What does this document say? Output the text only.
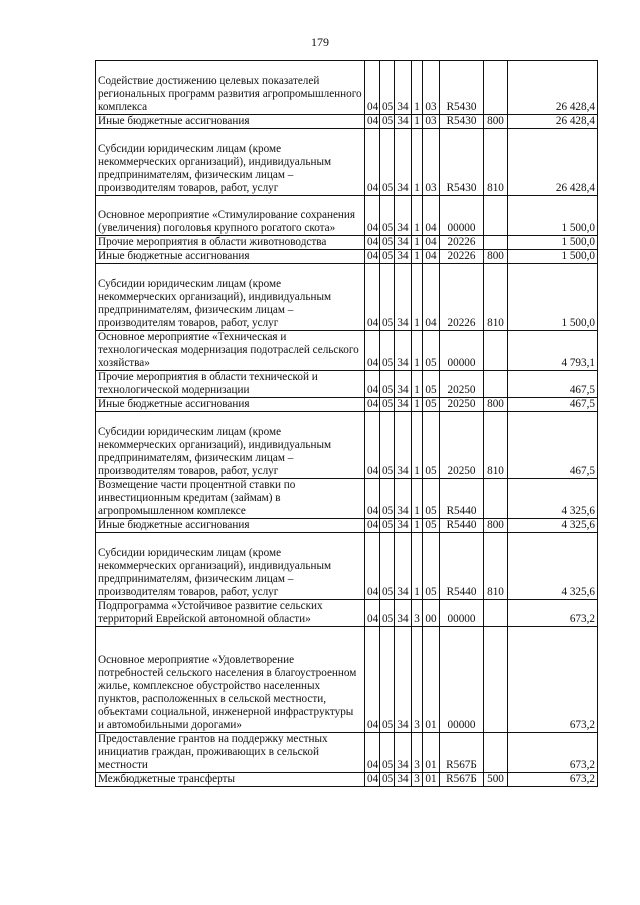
179
Содействие достижению целевых показателей региональных программ развития агропромышленного комплекса	04	05	34	1	03	R5430		26 428,4
Иные бюджетные ассигнования	04	05	34	1	03	R5430	800	26 428,4
Субсидии юридическим лицам (кроме некоммерческих организаций), индивидуальным предпринимателям, физическим лицам – производителям товаров, работ, услуг	04	05	34	1	03	R5430	810	26 428,4
Основное мероприятие «Стимулирование сохранения (увеличения) поголовья крупного рогатого скота»	04	05	34	1	04	00000		1 500,0
Прочие мероприятия в области животноводства	04	05	34	1	04	20226		1 500,0
Иные бюджетные ассигнования	04	05	34	1	04	20226	800	1 500,0
Субсидии юридическим лицам (кроме некоммерческих организаций), индивидуальным предпринимателям, физическим лицам – производителям товаров, работ, услуг	04	05	34	1	04	20226	810	1 500,0
Основное мероприятие «Техническая и технологическая модернизация подотраслей сельского хозяйства»	04	05	34	1	05	00000		4 793,1
Прочие мероприятия в области технической и технологической модернизации	04	05	34	1	05	20250		467,5
Иные бюджетные ассигнования	04	05	34	1	05	20250	800	467,5
Субсидии юридическим лицам (кроме некоммерческих организаций), индивидуальным предпринимателям, физическим лицам – производителям товаров, работ, услуг	04	05	34	1	05	20250	810	467,5
Возмещение части процентной ставки по инвестиционным кредитам (займам) в агропромышленном комплексе	04	05	34	1	05	R5440		4 325,6
Иные бюджетные ассигнования	04	05	34	1	05	R5440	800	4 325,6
Субсидии юридическим лицам (кроме некоммерческих организаций), индивидуальным предпринимателям, физическим лицам – производителям товаров, работ, услуг	04	05	34	1	05	R5440	810	4 325,6
Подпрограмма «Устойчивое развитие сельских территорий Еврейской автономной области»	04	05	34	3	00	00000		673,2
Основное мероприятие «Удовлетворение потребностей сельского населения в благоустроенном жилье, комплексное обустройство населенных пунктов, расположенных в сельской местности, объектами социальной, инженерной инфраструктуры и автомобильными дорогами»	04	05	34	3	01	00000		673,2
Предоставление грантов на поддержку местных инициатив граждан, проживающих в сельской местности	04	05	34	3	01	R567Б		673,2
Межбюджетные трансферты	04	05	34	3	01	R567Б	500	673,2
